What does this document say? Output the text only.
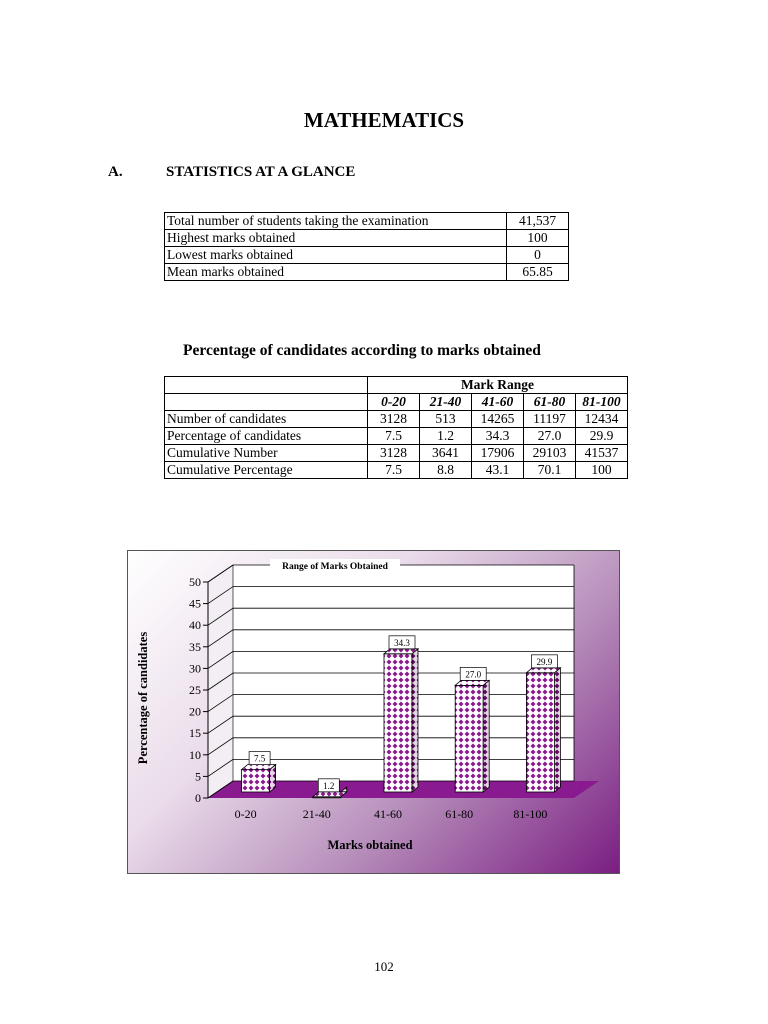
MATHEMATICS
A.	STATISTICS AT A GLANCE
Total number of students taking the examination	41,537
Highest marks obtained	100
Lowest marks obtained	0
Mean marks obtained	65.85
Percentage of candidates according to marks obtained
	Mark Range				
	0-20	21-40	41-60	61-80	81-100
Number of candidates	3128	513	14265	11197	12434
Percentage of candidates	7.5	1.2	34.3	27.0	29.9
Cumulative Number	3128	3641	17906	29103	41537
Cumulative Percentage	7.5	8.8	43.1	70.1	100
0
5
10
15
20
25
30
35
40
45
50
7.5
0-20
1.2
21-40
34.3
41-60
27.0
61-80
29.9
81-100
Range of Marks Obtained
Marks obtained
Percentage of candidates
102
